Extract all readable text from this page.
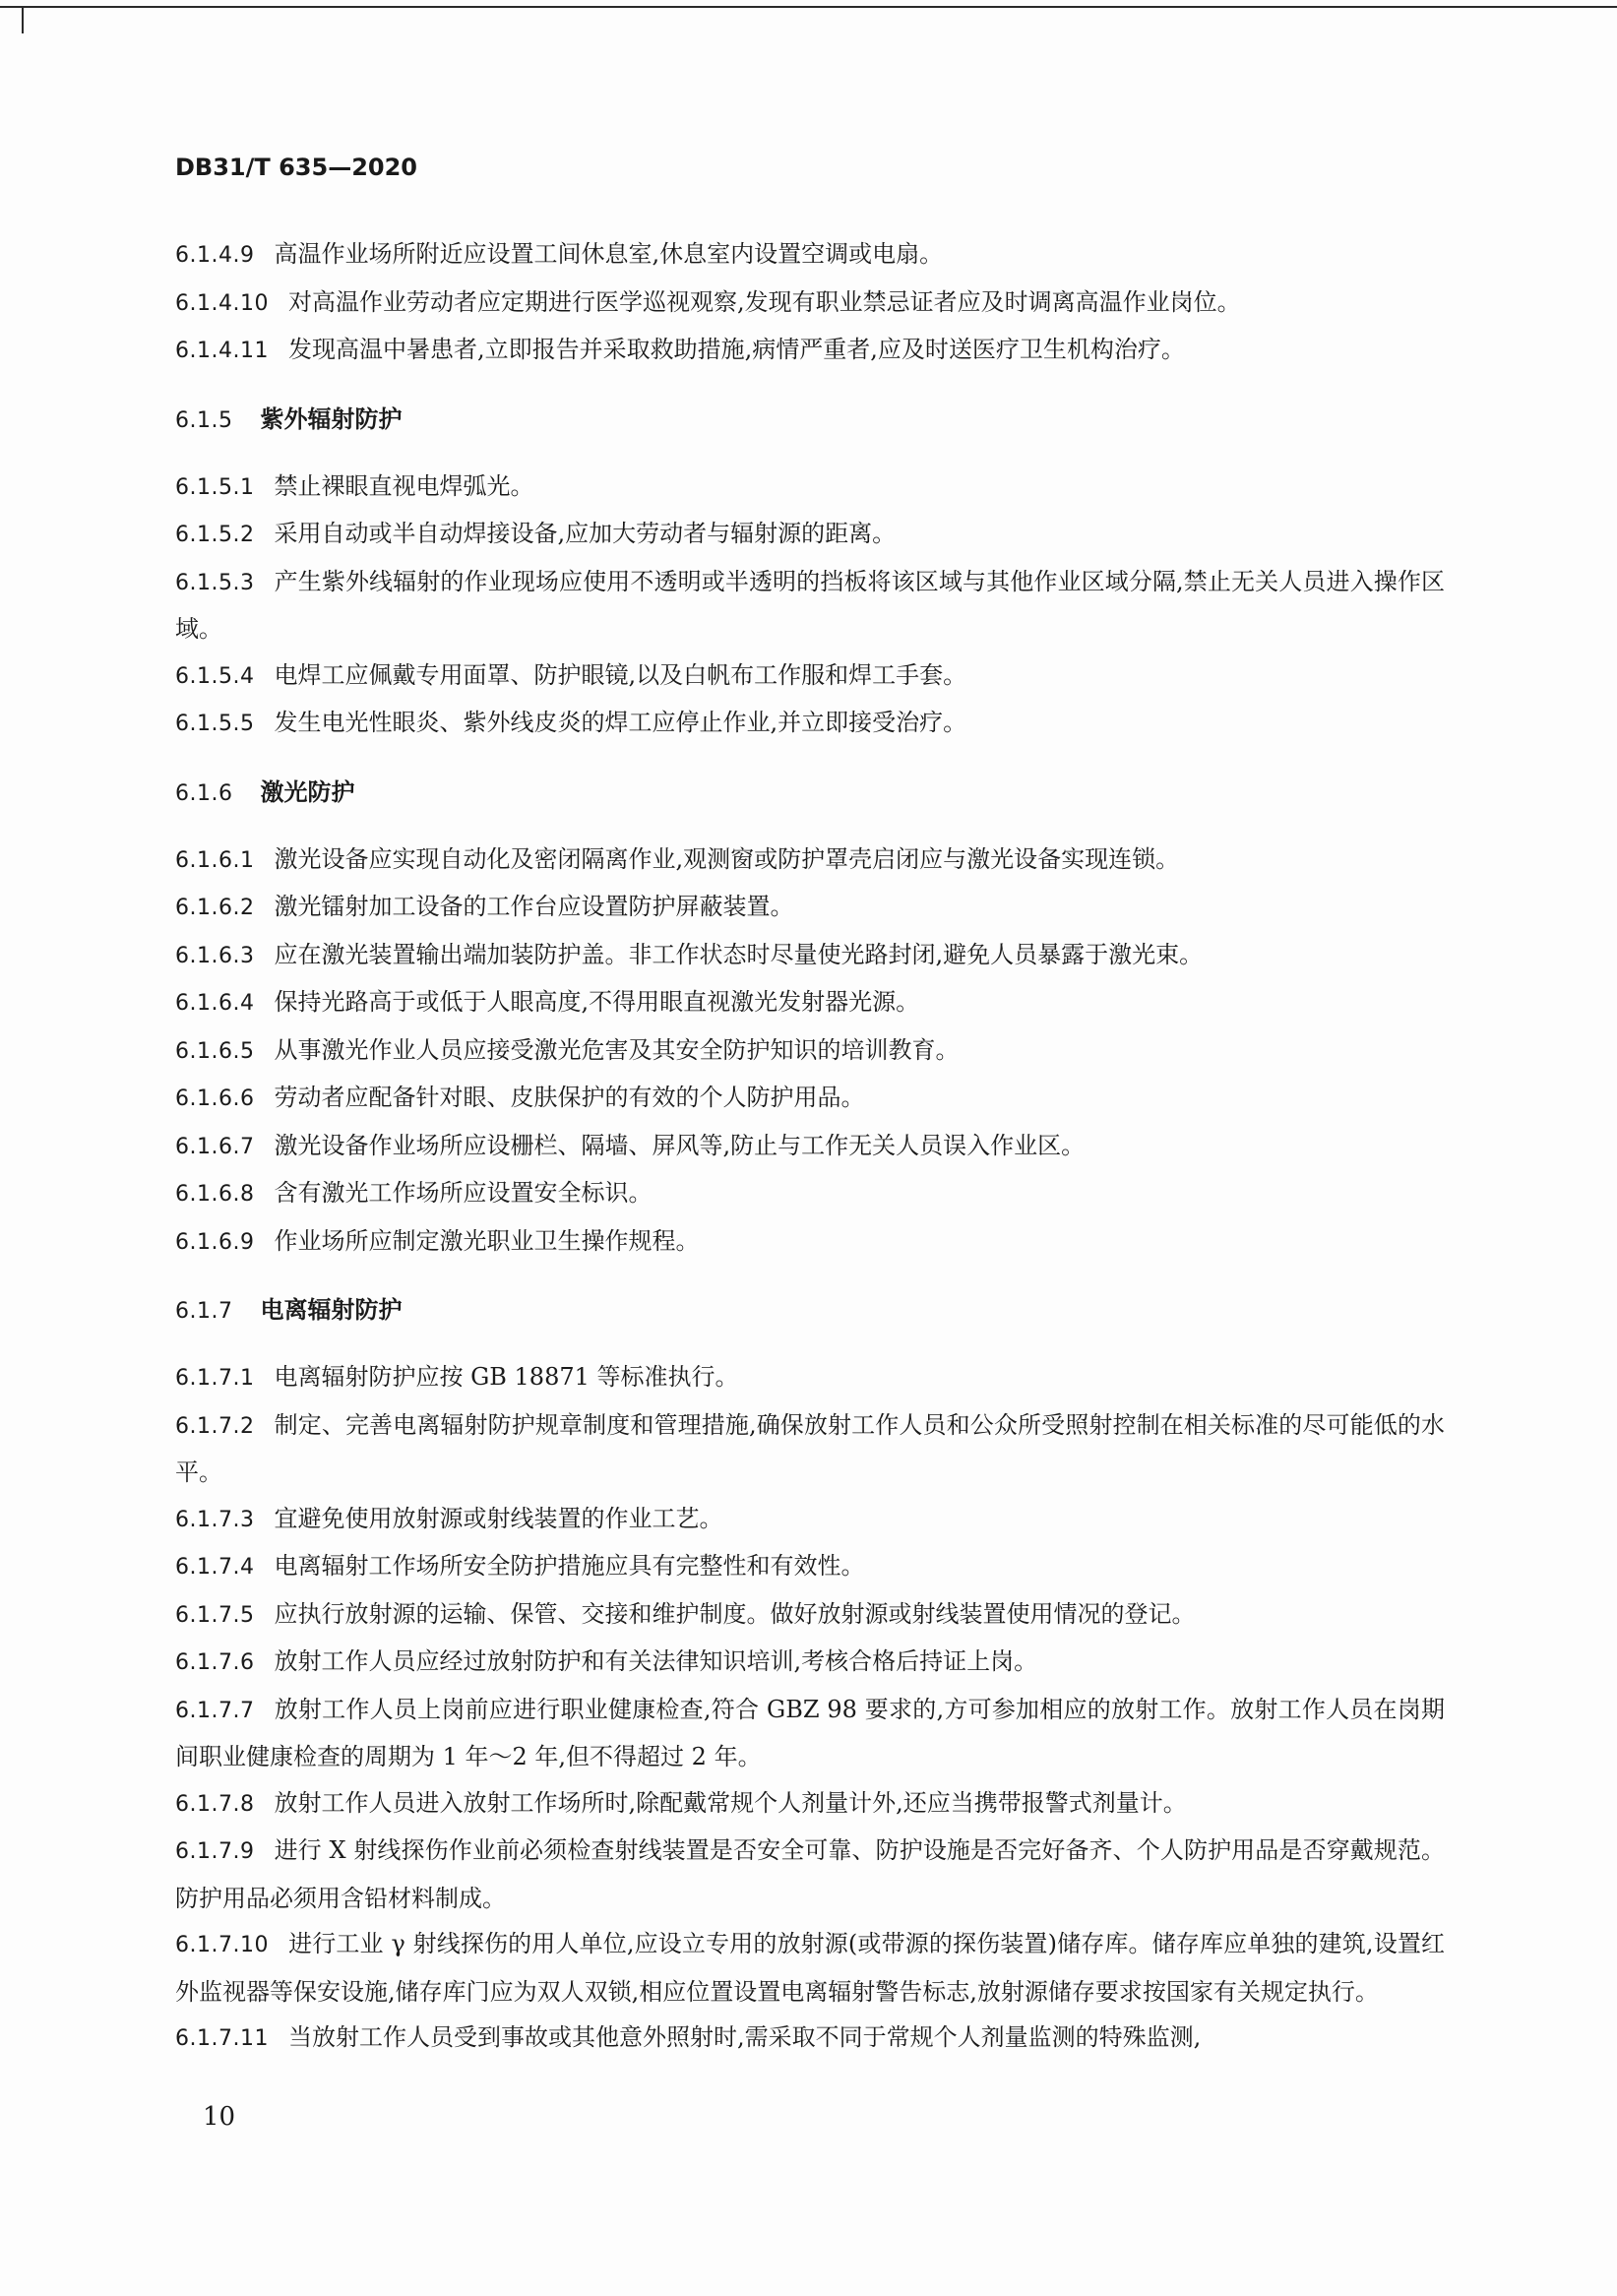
DB31/T 635—2020
6.1.4.9 高温作业场所附近应设置工间休息室,休息室内设置空调或电扇。
6.1.4.10 对高温作业劳动者应定期进行医学巡视观察,发现有职业禁忌证者应及时调离高温作业岗位。
6.1.4.11 发现高温中暑患者,立即报告并采取救助措施,病情严重者,应及时送医疗卫生机构治疗。
6.1.5 紫外辐射防护
6.1.5.1 禁止裸眼直视电焊弧光。
6.1.5.2 采用自动或半自动焊接设备,应加大劳动者与辐射源的距离。
6.1.5.3 产生紫外线辐射的作业现场应使用不透明或半透明的挡板将该区域与其他作业区域分隔,禁止无关人员进入操作区域。
6.1.5.4 电焊工应佩戴专用面罩、防护眼镜,以及白帆布工作服和焊工手套。
6.1.5.5 发生电光性眼炎、紫外线皮炎的焊工应停止作业,并立即接受治疗。
6.1.6 激光防护
6.1.6.1 激光设备应实现自动化及密闭隔离作业,观测窗或防护罩壳启闭应与激光设备实现连锁。
6.1.6.2 激光镭射加工设备的工作台应设置防护屏蔽装置。
6.1.6.3 应在激光装置输出端加装防护盖。非工作状态时尽量使光路封闭,避免人员暴露于激光束。
6.1.6.4 保持光路高于或低于人眼高度,不得用眼直视激光发射器光源。
6.1.6.5 从事激光作业人员应接受激光危害及其安全防护知识的培训教育。
6.1.6.6 劳动者应配备针对眼、皮肤保护的有效的个人防护用品。
6.1.6.7 激光设备作业场所应设栅栏、隔墙、屏风等,防止与工作无关人员误入作业区。
6.1.6.8 含有激光工作场所应设置安全标识。
6.1.6.9 作业场所应制定激光职业卫生操作规程。
6.1.7 电离辐射防护
6.1.7.1 电离辐射防护应按 GB 18871 等标准执行。
6.1.7.2 制定、完善电离辐射防护规章制度和管理措施,确保放射工作人员和公众所受照射控制在相关标准的尽可能低的水平。
6.1.7.3 宜避免使用放射源或射线装置的作业工艺。
6.1.7.4 电离辐射工作场所安全防护措施应具有完整性和有效性。
6.1.7.5 应执行放射源的运输、保管、交接和维护制度。做好放射源或射线装置使用情况的登记。
6.1.7.6 放射工作人员应经过放射防护和有关法律知识培训,考核合格后持证上岗。
6.1.7.7 放射工作人员上岗前应进行职业健康检查,符合 GBZ 98 要求的,方可参加相应的放射工作。放射工作人员在岗期间职业健康检查的周期为 1 年～2 年,但不得超过 2 年。
6.1.7.8 放射工作人员进入放射工作场所时,除配戴常规个人剂量计外,还应当携带报警式剂量计。
6.1.7.9 进行 X 射线探伤作业前必须检查射线装置是否安全可靠、防护设施是否完好备齐、个人防护用品是否穿戴规范。防护用品必须用含铅材料制成。
6.1.7.10 进行工业 γ 射线探伤的用人单位,应设立专用的放射源(或带源的探伤装置)储存库。储存库应单独的建筑,设置红外监视器等保安设施,储存库门应为双人双锁,相应位置设置电离辐射警告标志,放射源储存要求按国家有关规定执行。
6.1.7.11 当放射工作人员受到事故或其他意外照射时,需采取不同于常规个人剂量监测的特殊监测,
10
